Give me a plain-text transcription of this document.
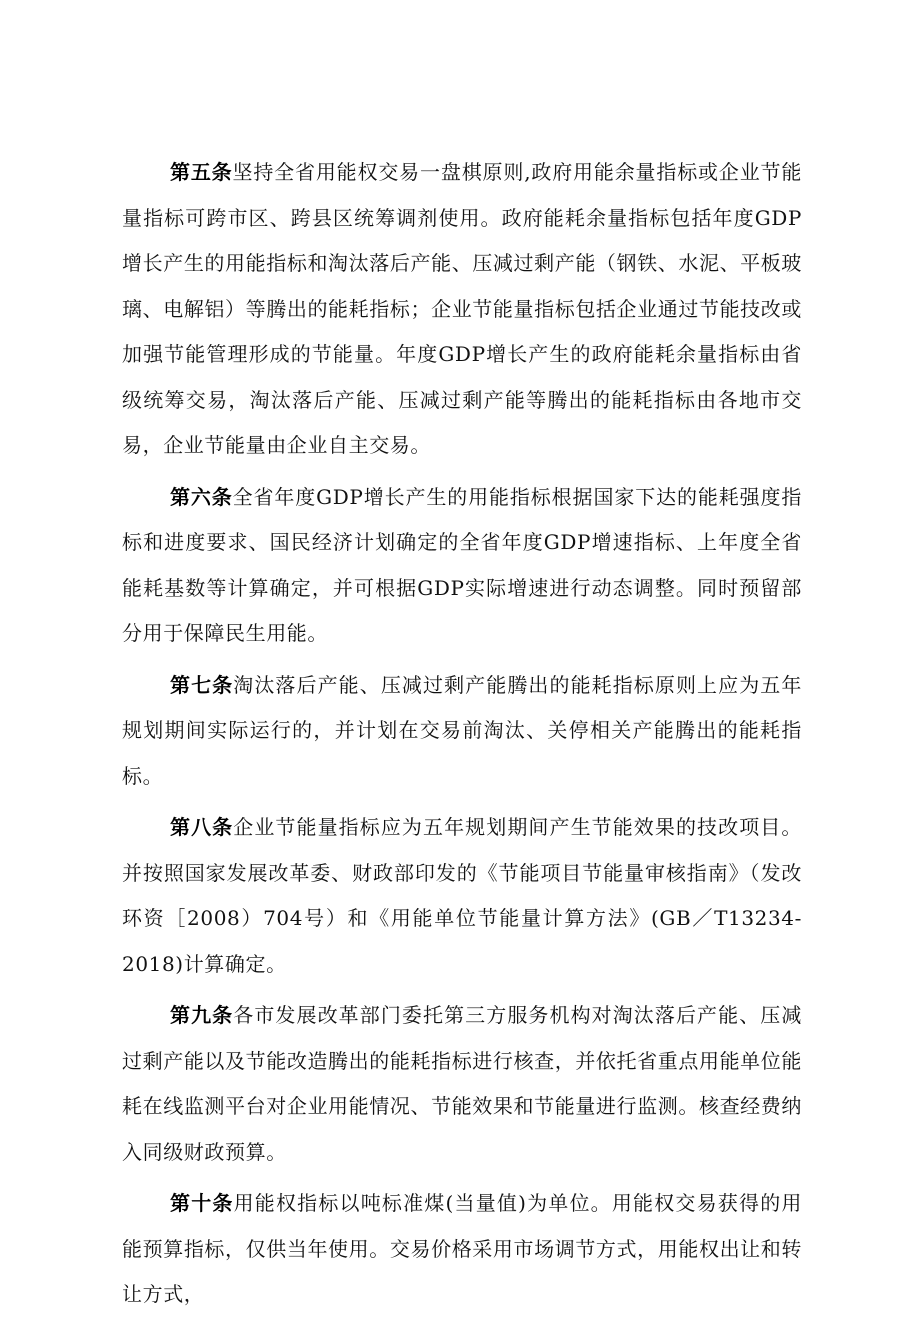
第五条坚持全省用能权交易一盘棋原则,政府用能余量指标或企业节能量指标可跨市区、跨县区统筹调剂使用。政府能耗余量指标包括年度GDP增长产生的用能指标和淘汰落后产能、压减过剩产能（钢铁、水泥、平板玻璃、电解铝）等腾出的能耗指标；企业节能量指标包括企业通过节能技改或加强节能管理形成的节能量。年度GDP增长产生的政府能耗余量指标由省级统筹交易，淘汰落后产能、压减过剩产能等腾出的能耗指标由各地市交易，企业节能量由企业自主交易。

第六条全省年度GDP增长产生的用能指标根据国家下达的能耗强度指标和进度要求、国民经济计划确定的全省年度GDP增速指标、上年度全省能耗基数等计算确定，并可根据GDP实际增速进行动态调整。同时预留部分用于保障民生用能。

第七条淘汰落后产能、压减过剩产能腾出的能耗指标原则上应为五年规划期间实际运行的，并计划在交易前淘汰、关停相关产能腾出的能耗指标。

第八条企业节能量指标应为五年规划期间产生节能效果的技改项目。并按照国家发展改革委、财政部印发的《节能项目节能量审核指南》（发改环资［2008）704号）和《用能单位节能量计算方法》(GB／T13234-2018)计算确定。

第九条各市发展改革部门委托第三方服务机构对淘汰落后产能、压减过剩产能以及节能改造腾出的能耗指标进行核查，并依托省重点用能单位能耗在线监测平台对企业用能情况、节能效果和节能量进行监测。核查经费纳入同级财政预算。

第十条用能权指标以吨标准煤(当量值)为单位。用能权交易获得的用能预算指标，仅供当年使用。交易价格采用市场调节方式，用能权出让和转让方式，
